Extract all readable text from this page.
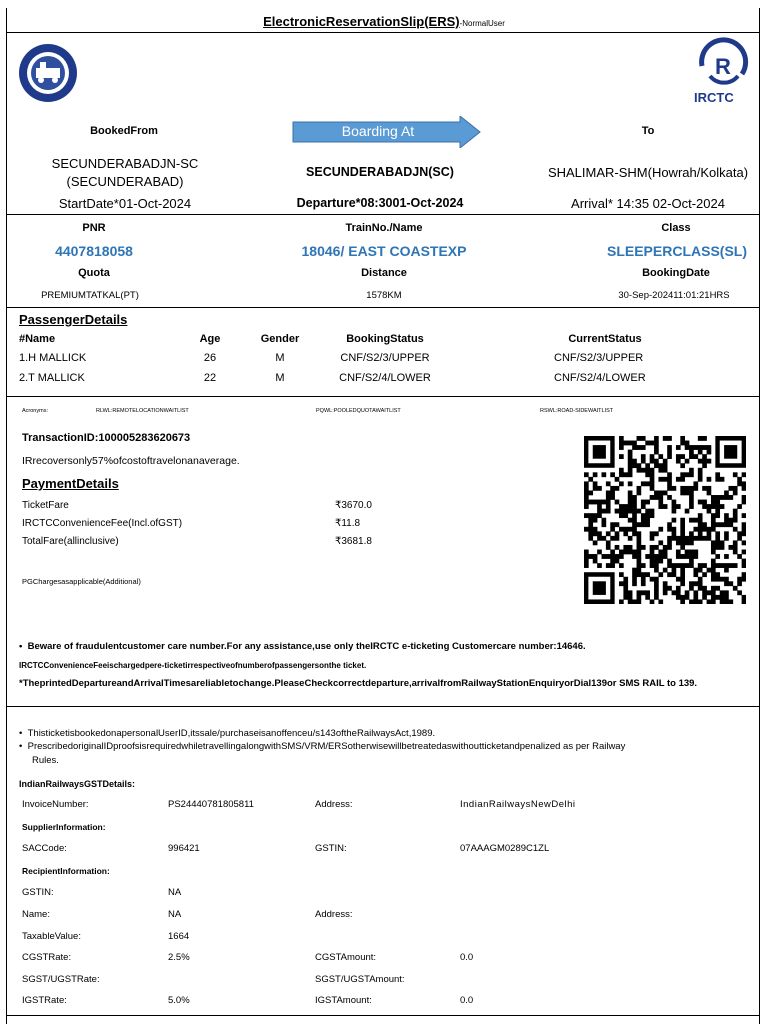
ElectronicReservationSlip(ERS)-NormalUser
R
IRCTC
BookedFrom	Boarding At	To
SECUNDERABADJN-SC
(SECUNDERABAD)
SECUNDERABADJN(SC)	SHALIMAR-SHM(Howrah/Kolkata)
StartDate*01-Oct-2024	Departure*08:3001-Oct-2024	Arrival* 14:35 02-Oct-2024
PNR	TrainNo./Name	Class
4407818058	18046/ EAST COASTEXP	SLEEPERCLASS(SL)
Quota	Distance	BookingDate
PREMIUMTATKAL(PT)	1578KM	30-Sep-202411:01:21HRS
PassengerDetails
#Name	Age	Gender	BookingStatus	CurrentStatus
1.H MALLICK	26	M	CNF/S2/3/UPPER	CNF/S2/3/UPPER
2.T MALLICK	22	M	CNF/S2/4/LOWER	CNF/S2/4/LOWER
Acronyms:	RLWL:REMOTELOCATIONWAITLIST	PQWL:POOLEDQUOTAWAITLIST	RSWL:ROAD-SIDEWAITLIST
TransactionID:100005283620673
IRrecoversonly57%ofcostoftravelonanaverage.
PaymentDetails
TicketFare	₹3670.0
IRCTCConvenienceFee(Incl.ofGST)	₹11.8
TotalFare(allinclusive)	₹3681.8
PGChargesasapplicable(Additional)
•  Beware of fraudulentcustomer care number.For any assistance,use only theIRCTC e-ticketing Customercare number:14646.
IRCTCConvenienceFeeischargedpere-ticketirrespectiveofnumberofpassengersonthe ticket.
*TheprintedDepartureandArrivalTimesareliabletochange.PleaseCheckcorrectdeparture,arrivalfromRailwayStationEnquiryorDial139or SMS RAIL to 139.
•  ThisticketisbookedonapersonalUserID,itssale/purchaseisanoffenceu/s143oftheRailwaysAct,1989.
•  PrescribedoriginalIDproofsisrequiredwhiletravellingalongwithSMS/VRM/ERSotherwisewillbetreatedaswithoutticketandpenalized as per Railway
Rules.
IndianRailwaysGSTDetails:
InvoiceNumber:	PS24440781805811	Address:	IndianRailwaysNewDelhi
SupplierInformation:
SACCode:	996421	GSTIN:	07AAAGM0289C1ZL
RecipientInformation:
GSTIN:	NA
Name:	NA	Address:
TaxableValue:	1664
CGSTRate:	2.5%	CGSTAmount:	0.0
SGST/UGSTRate:	SGST/UGSTAmount:
IGSTRate:	5.0%	IGSTAmount:	0.0
